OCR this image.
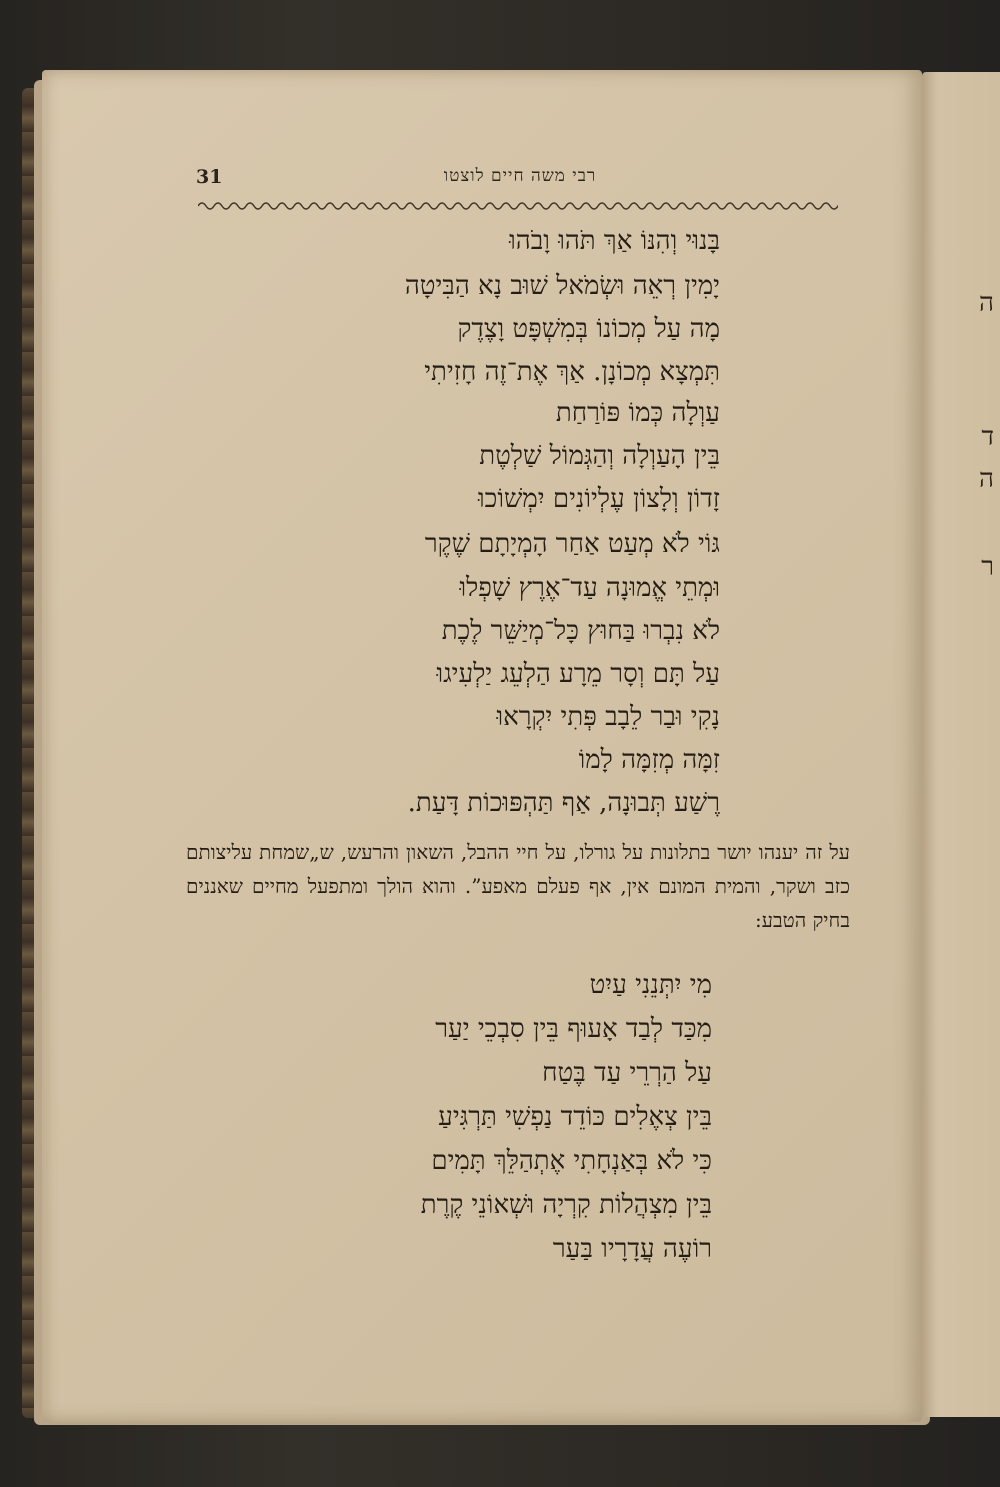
ה
ד
ה
ר
31	רבי משה חיים לוצטו
בָּנוּי וְהִנּוֹ אַךְ תֹּהוּ וָבֹהוּ
יָמִין רְאֵה וּשְׂמֹאל שׁוּב נָא הַבִּיטָה
מָה עַל מְכוֹנוֹ בְּמִשְׁפָּט וָצֶדֶק
תִּמְצָא מְכוֹנָן. אַךְ אֶת־זֶה חָזִיתִי
עַוְלָה כְּמוֹ פּוֹרַחַת
בֵּין הָעַוְלָה וְהַגְּמוֹל שַׁלְטֶת
זָדוֹן וְלָצוֹן עֶלְיוֹנִים יִמְשׁוֹכוּ
גּוֹי לֹא מְעַט אַחַר הָמְיָתָם שֶׁקֶר
וּמְתֵי אֱמוּנָה עַד־אֶרֶץ שָׁפְלוּ
לֹא נִבְרוּ בַּחוּץ כָּל־מְיַשֵּׁר לֶכֶת
עַל תָּם וְסָר מֵרָע הַלְעֵג יַלְעִיגוּ
נָקִי וּבַר לֵבָב פְּתִי יִקְרָאוּ
זִמָּה מְזִמָּה לָמוֹ
רֶשַׁע תְּבוּנָה, אַף תַּהְפּוּכוֹת דָּעַת.
על זה יענהו יושר בתלונות על גורלו, על חיי ההבל, השאון והרעש, ש„שמחת עליצותם כזב ושקר, והמית המונם אין, אף פעלם מאפע”. והוא הולך ומתפעל מחיים שאננים בחיק הטבע:
מִי יִתְּנֵנִי עַיִט
מִכַּד לְבַד אָעוּף בֵּין סִבְכֵי יַעַר
עַל הַרְרֵי עַד בֶּטַח
בֵּין צְאֶלִים כּוֹדֵד נַפְשִׁי תַּרְגִּיעַ
כִּי לֹא בְּאַנְחָתִי אֶתְהַלֵּךְ תָּמִים
בֵּין מִצְהֲלוֹת קִרְיָה וּשְׁאוֹנֵי קֶרֶת
רוֹעֶה עֲדָרָיו בַּעַר
